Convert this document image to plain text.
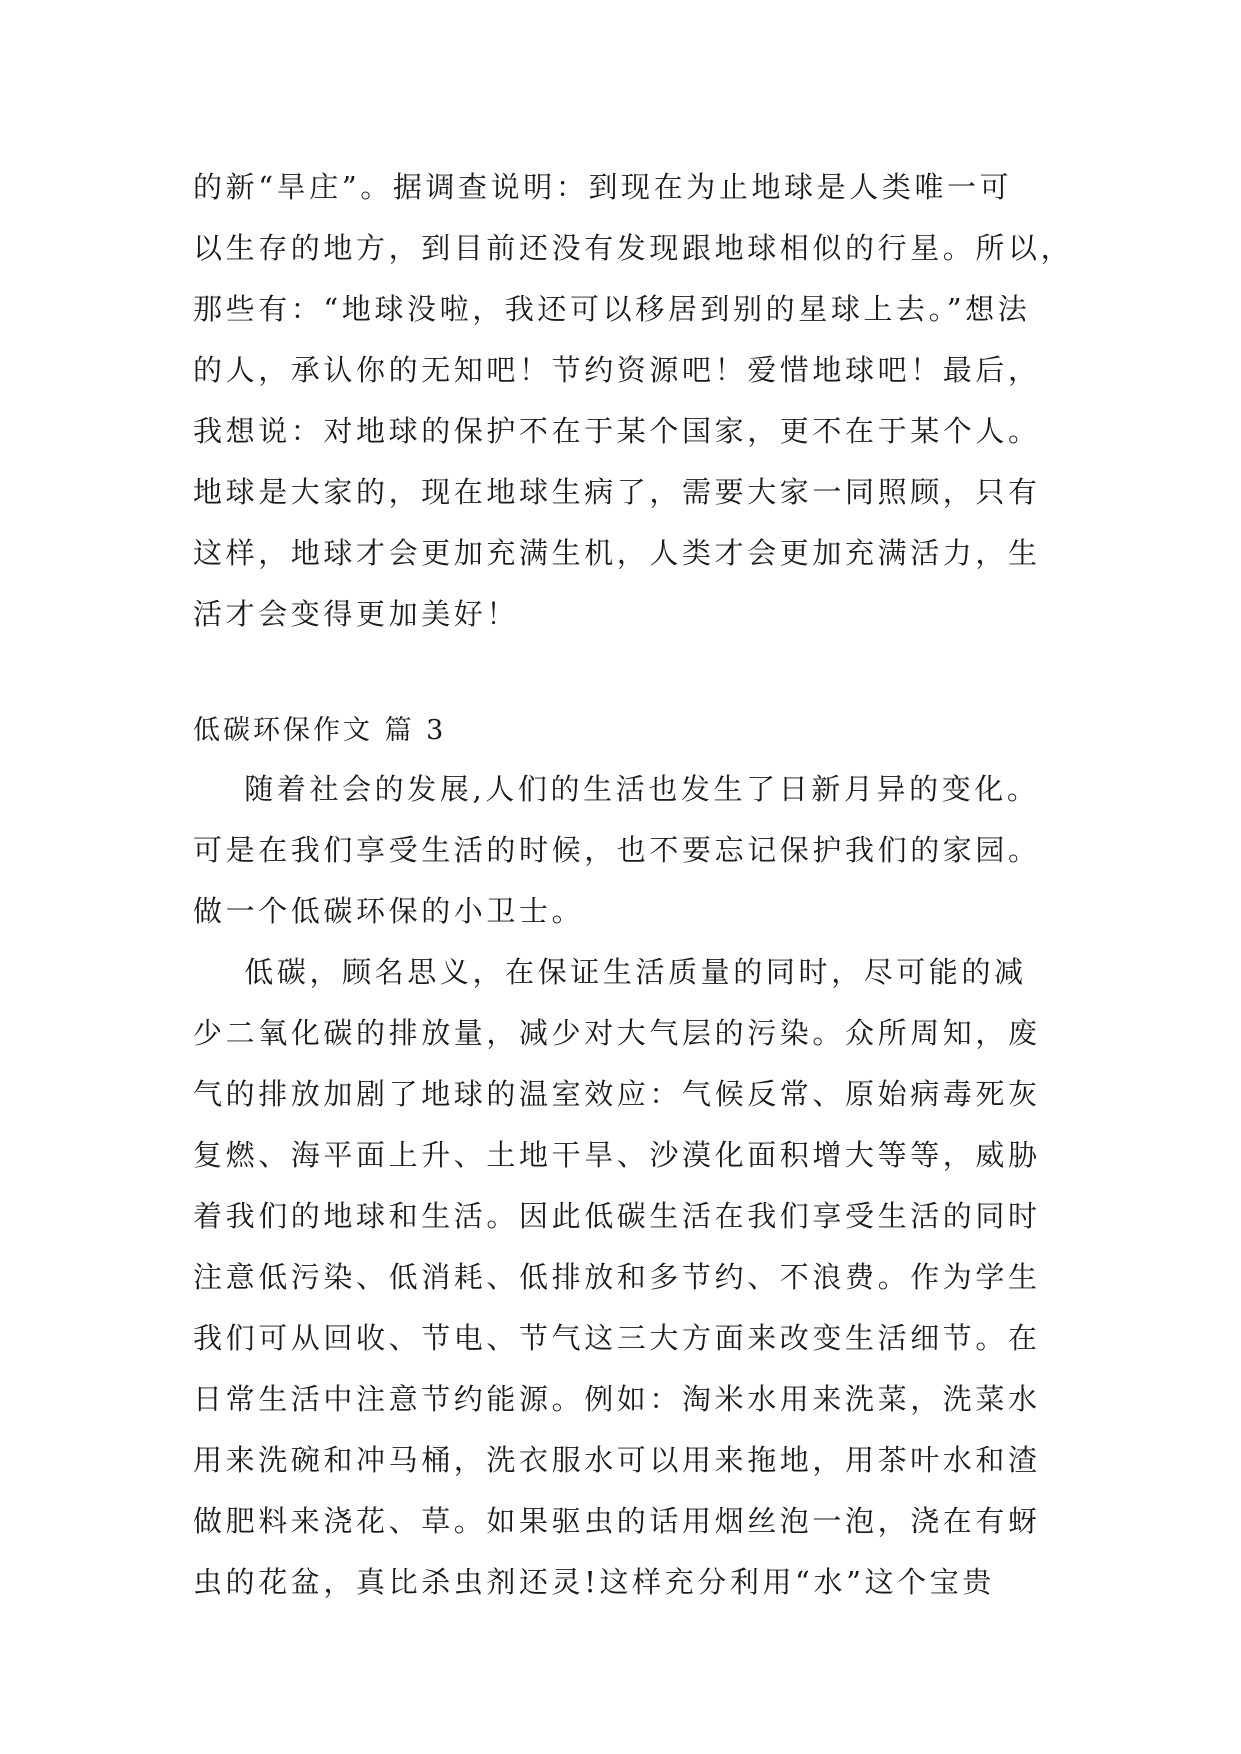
的新“旱庄”。据调查说明：到现在为止地球是人类唯一可
以生存的地方，到目前还没有发现跟地球相似的行星。所以，
那些有：“地球没啦，我还可以移居到别的星球上去。”想法
的人，承认你的无知吧！节约资源吧！爱惜地球吧！最后，
我想说：对地球的保护不在于某个国家，更不在于某个人。
地球是大家的，现在地球生病了，需要大家一同照顾，只有
这样，地球才会更加充满生机，人类才会更加充满活力，生
活才会变得更加美好！
低碳环保作文 篇 3
随着社会的发展,人们的生活也发生了日新月异的变化。
可是在我们享受生活的时候，也不要忘记保护我们的家园。
做一个低碳环保的小卫士。
低碳，顾名思义，在保证生活质量的同时，尽可能的减
少二氧化碳的排放量，减少对大气层的污染。众所周知，废
气的排放加剧了地球的温室效应：气候反常、原始病毒死灰
复燃、海平面上升、土地干旱、沙漠化面积增大等等，威胁
着我们的地球和生活。因此低碳生活在我们享受生活的同时
注意低污染、低消耗、低排放和多节约、不浪费。作为学生
我们可从回收、节电、节气这三大方面来改变生活细节。在
日常生活中注意节约能源。例如：淘米水用来洗菜，洗菜水
用来洗碗和冲马桶，洗衣服水可以用来拖地，用茶叶水和渣
做肥料来浇花、草。如果驱虫的话用烟丝泡一泡，浇在有蚜
虫的花盆，真比杀虫剂还灵!这样充分利用“水”这个宝贵
